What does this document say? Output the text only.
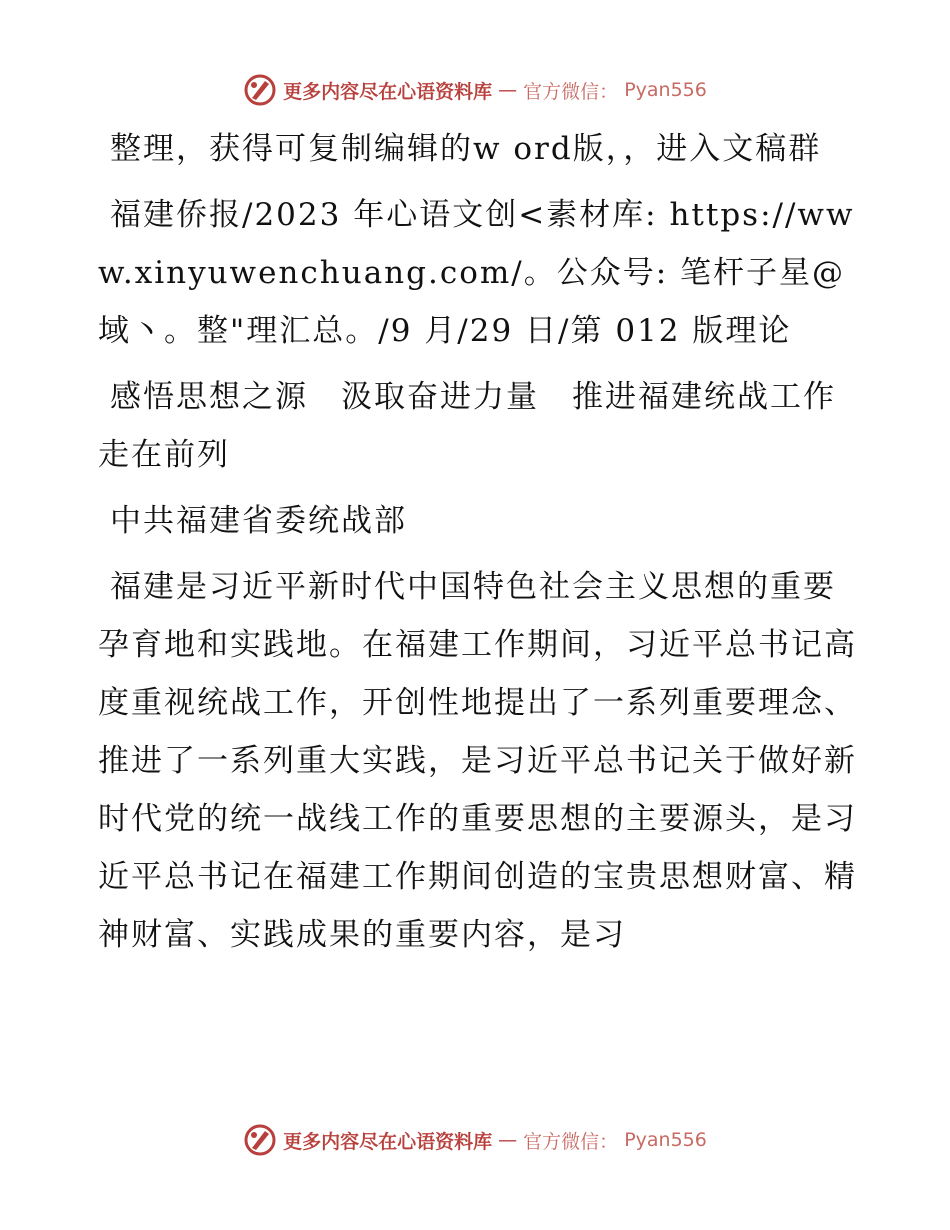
更多内容尽在心语资料库 — 官方微信： Pyan556

整理，获得可复制编辑的w ord版，，进入文稿群

福建侨报/2023 年心语文创<素材库: https://www.xinyuwenchuang.com/。公众号: 笔杆子星@域丶。整"理汇总。/9 月/29 日/第 012 版理论

感悟思想之源　汲取奋进力量　推进福建统战工作走在前列

中共福建省委统战部

福建是习近平新时代中国特色社会主义思想的重要孕育地和实践地。在福建工作期间，习近平总书记高度重视统战工作，开创性地提出了一系列重要理念、推进了一系列重大实践，是习近平总书记关于做好新时代党的统一战线工作的重要思想的主要源头，是习近平总书记在福建工作期间创造的宝贵思想财富、精神财富、实践成果的重要内容，是习

更多内容尽在心语资料库 — 官方微信： Pyan556
